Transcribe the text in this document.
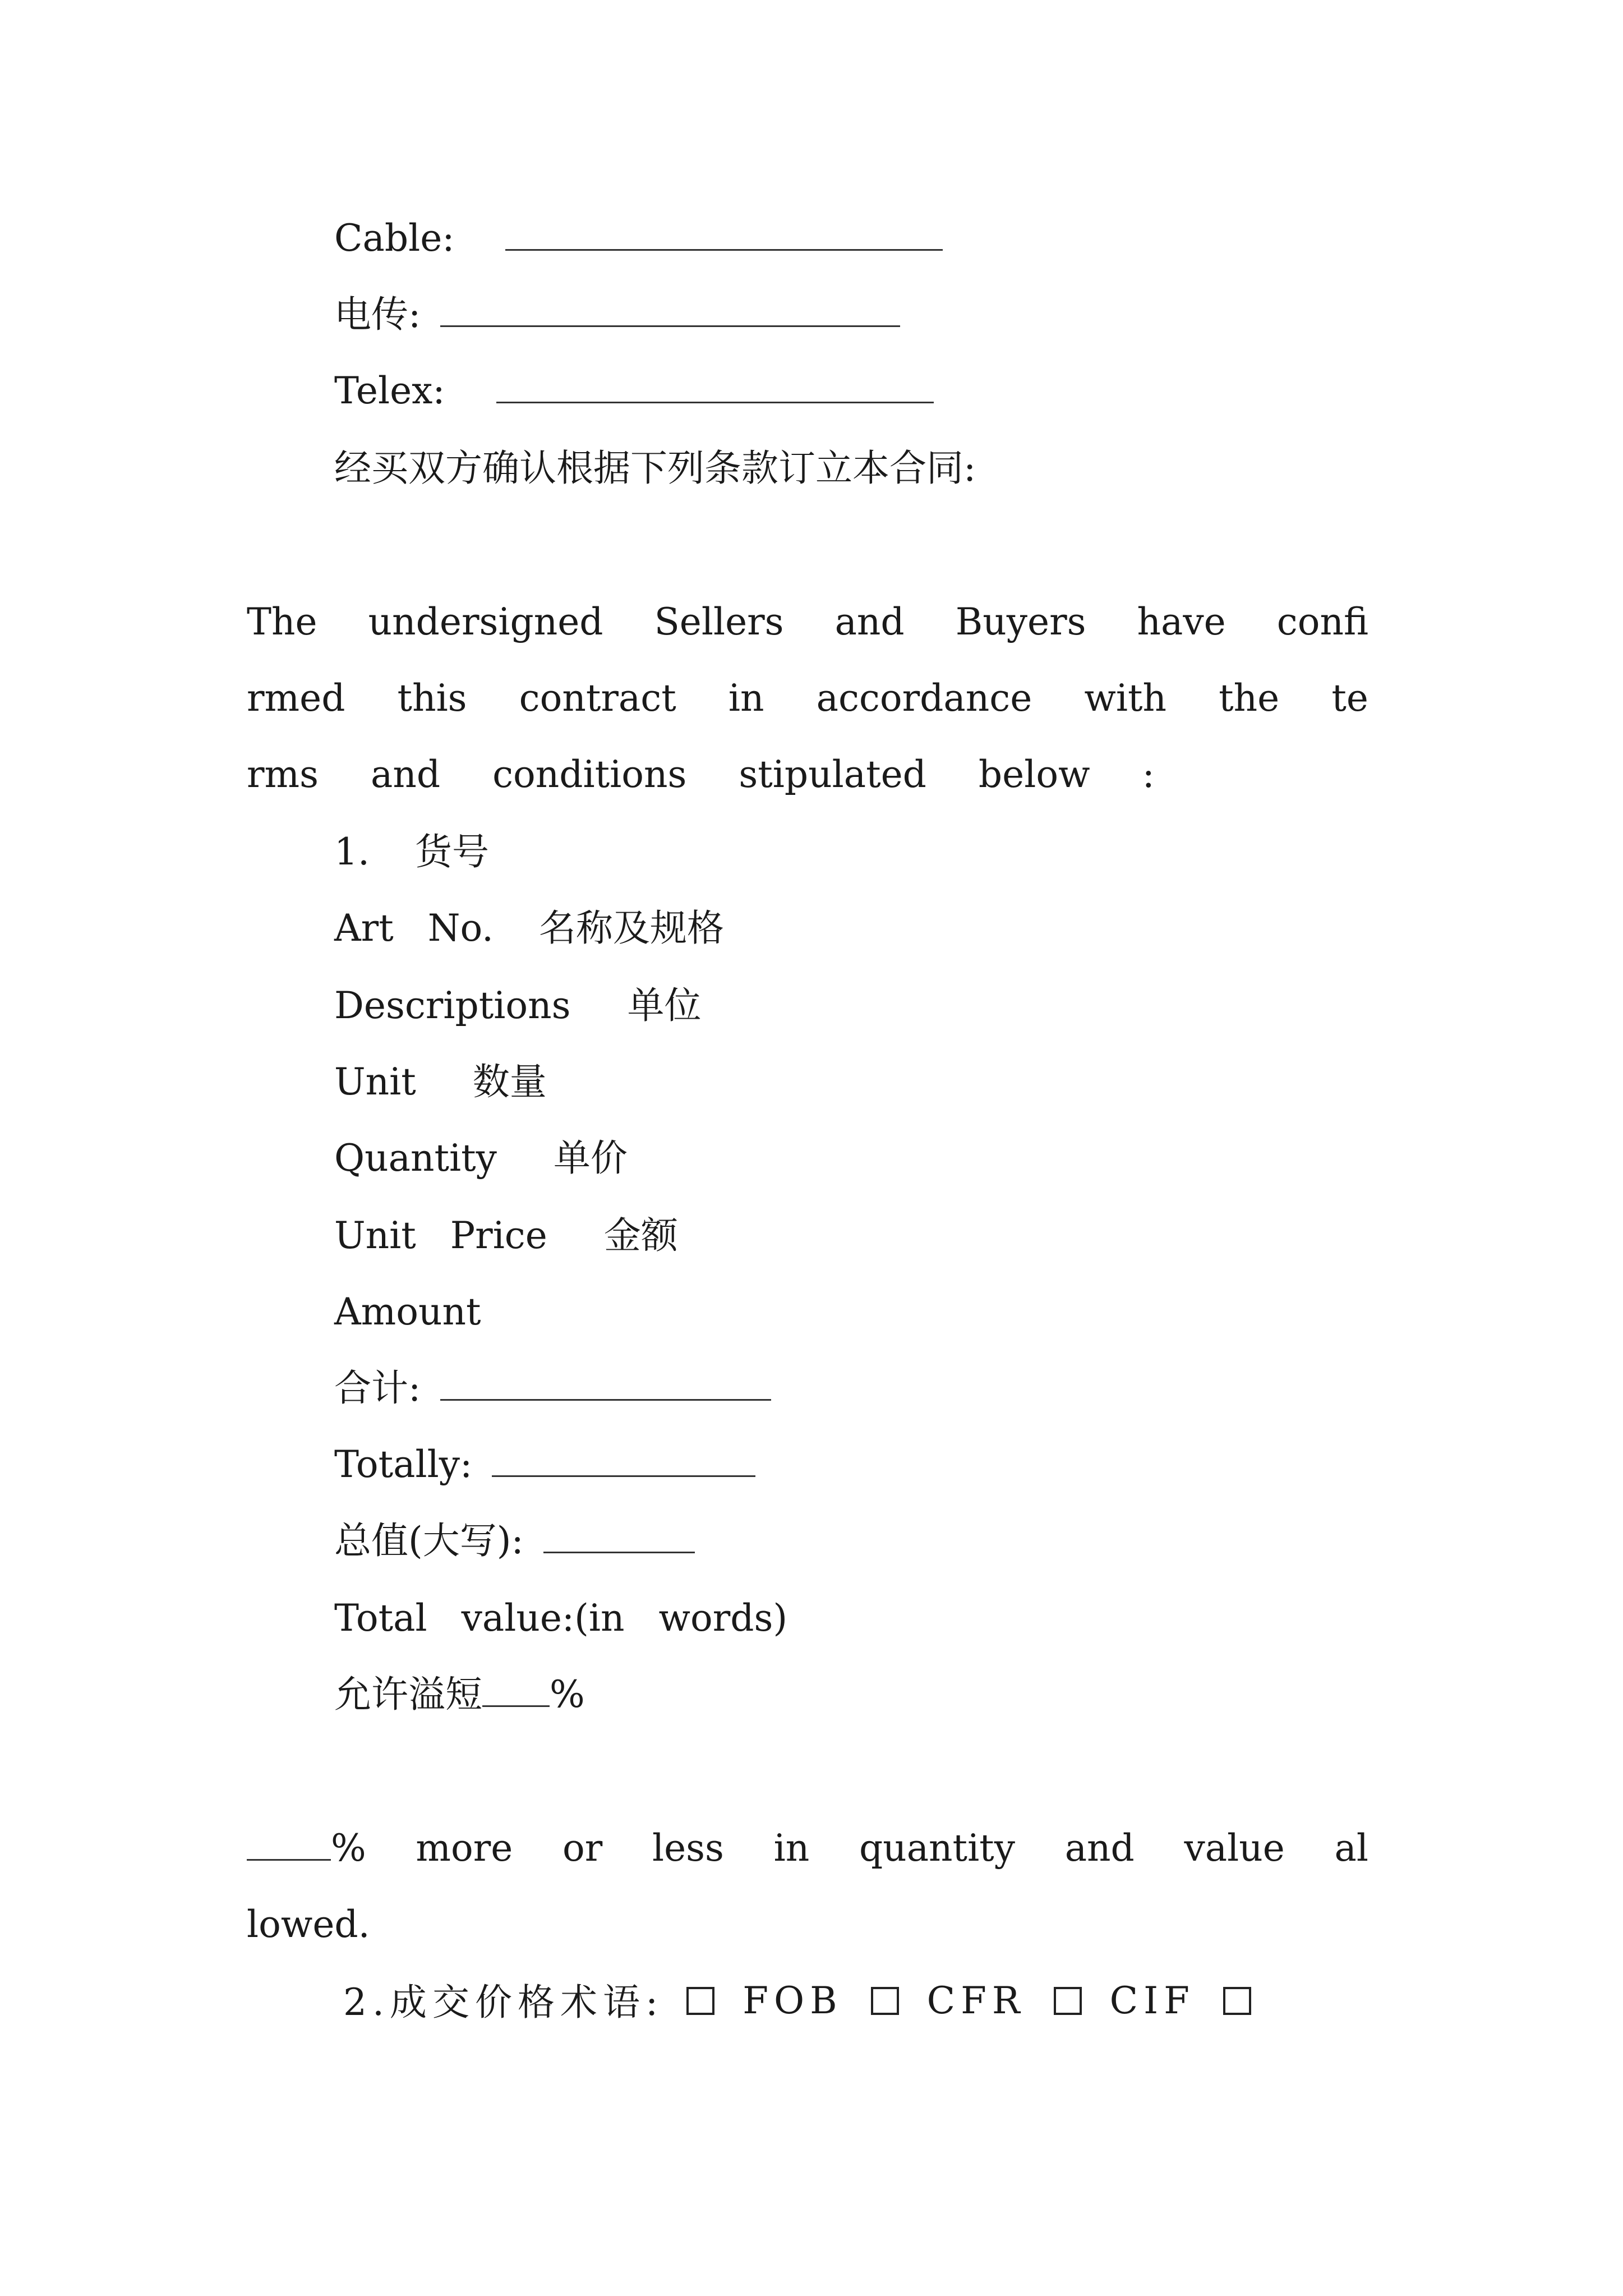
Cable:
电传:
Telex:
经买双方确认根据下列条款订立本合同:
The undersigned Sellers and Buyers have confi
rmed this contract in accordance with the te
rms and conditions stipulated below :
1. 货号
Art No. 名称及规格
Descriptions 单位
Unit 数量
Quantity 单价
Unit Price 金额
Amount
合计:
Totally:
总值(大写):
Total value:(in words)
允许溢短 %
% more or less in quantity and value al
lowed.
2.成交价格术语: FOB CFR CIF
